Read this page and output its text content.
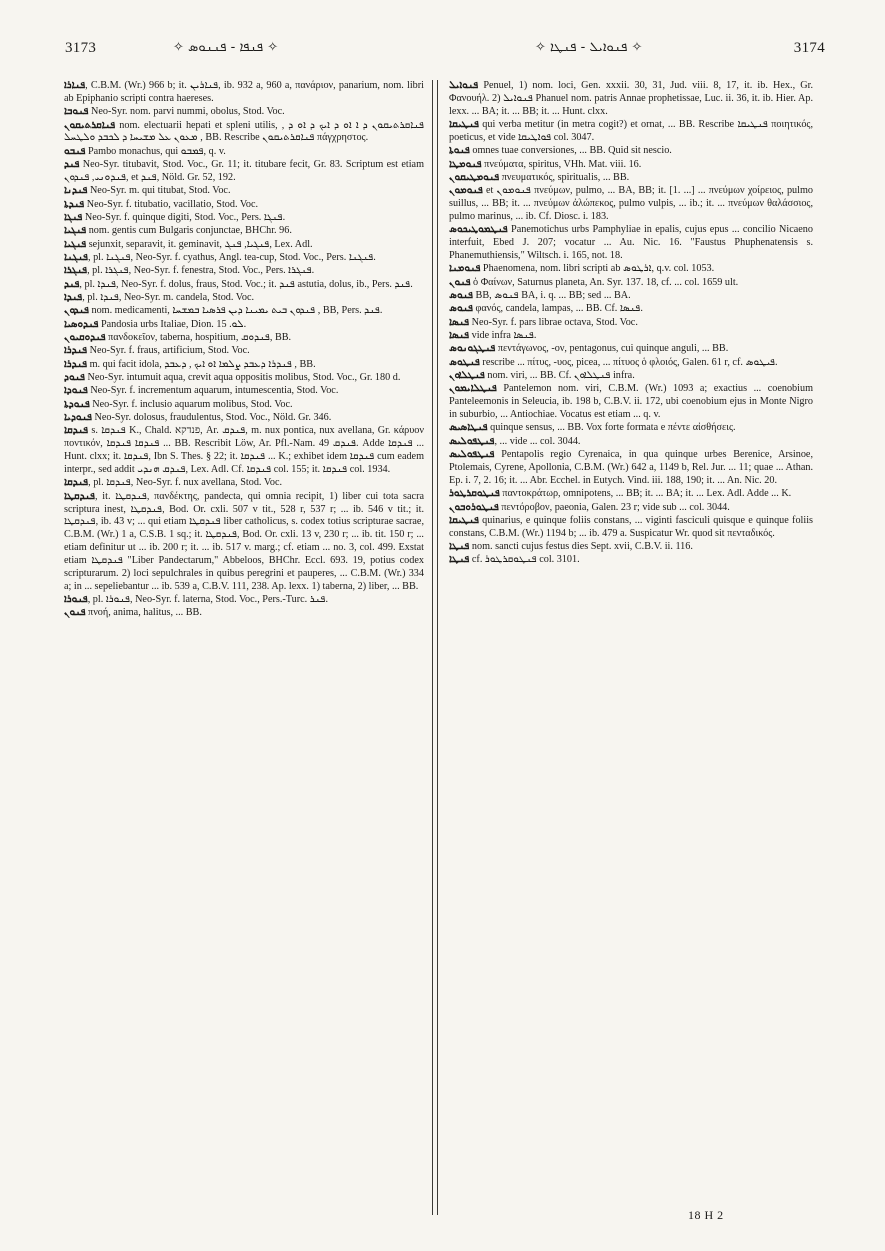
3173	✧ ܦܢܦܐ - ܦܢܢܘܣ ✧	✧ ܦܢܘܐܝܠ - ܦܢܛܐ ✧	3174

ܦܢܐܪܐ, C.B.M. (Wr.) 966 b; it. ܦܢܐܪܝܢ, ib. 932 a, 960 a, πανάριον, panarium, nom. libri ab Epiphanio scripti contra haereses.

ܦܢܘܒܐ Neo-Syr. nom. parvi nummi, obolus, Stod. Voc.

ܦܢܐܩܪܬܝܩܘܢ nom. electuarii hepati et spleni utilis, ܦܢܐܩܪܬܝܩܘܢ ܕ ܐ ܐܘ ܕ ܐܝܟ ܕ ܐܘ ܕ , ܡܥܘܢ ܥܠ ܡܫܝܚܐ ܕ ܠܟܒܕ ܘܠܛܚܠ , BB. Rescribe ܦܢܐܩܪܬܝܩܘܢ πάγχρηστος.

ܦܢܒܘ Pambo monachus, qui ܦܡܒܘ, q. v.

ܦܢܕ Neo-Syr. titubavit, Stod. Voc., Gr. 11; it. titubare fecit, Gr. 83. Scriptum est etiam ܦܢܕܘܢܝ, ܦܢܕܘܢ, et ܦܢܕ, Nöld. Gr. 52, 192.

ܦܢܕܢܐ Neo-Syr. m. qui titubat, Stod. Voc.

ܦܢܕܬܐ Neo-Syr. f. titubatio, vacillatio, Stod. Voc.

ܦܢܓܐ Neo-Syr. f. quinque digiti, Stod. Voc., Pers. ܦܢܓܐ.

ܦܢܓܝܐ nom. gentis cum Bulgaris conjunctae, BHChr. 96.

ܦܢܓܝܐ sejunxit, separavit, it. geminavit, ܦܢܓܝܐ, ܦܢܓ, Lex. Adl.

ܦܢܓܢܐ, pl. ܦܢܓܢܐ, Neo-Syr. f. cyathus, Angl. tea-cup, Stod. Voc., Pers. ܦܢܓܢܐ.

ܦܢܓܪܐ, pl. ܦܢܓܪܐ, Neo-Syr. f. fenestra, Stod. Voc., Pers. ܦܢܓܪܐ.

ܦܢܕ, pl. ܦܢܕܐ, Neo-Syr. f. dolus, fraus, Stod. Voc.; it. ܦܢܕ astutia, dolus, ib., Pers. ܦܢܕ.

ܦܢܕܐ, pl. ܦܢܕܐ, Neo-Syr. m. candela, Stod. Voc.

ܦܢܕܘܢ nom. medicamenti, ܦܢܕܘܢ ܒܝܬ ܝܡܝܢܐ ܕܝܢ ܦܪܣܝܐ ܒܡܫܚܐ , BB, Pers. ܦܢܕ.

ܦܢܕܘܣܝܐ Pandosia urbs Italiae, Dion. ܠܘ. 15.

ܦܢܕܘܩܝܘܢ πανδοκεῖον, taberna, hospitium, ܦܢܕܘܩ, BB.

ܦܢܕܪܐ Neo-Syr. f. fraus, artificium, Stod. Voc.

ܦܢܕܪܐ m. qui facit idola, ܦܢܕܪܐ ܕܥܒܕ ܨܠܡܐ ܐܘ ܐܝܟ , ܕܥܒܕ , BB.

ܦܢܘܕ Neo-Syr. intumuit aqua, crevit aqua oppositis molibus, Stod. Voc., Gr. 180 d.

ܦܢܘܕܐ Neo-Syr. f. incrementum aquarum, intumescentia, Stod. Voc.

ܦܢܘܕܬܐ Neo-Syr. f. inclusio aquarum molibus, Stod. Voc.

ܦܢܘܕܝܐ Neo-Syr. dolosus, fraudulentus, Stod. Voc., Nöld. Gr. 346.

ܦܢܕܩܐ s. ܦܢܕܩܐ K., Chald. פנדקא, Ar. ܦܢܕܩ, m. nux pontica, nux avellana, Gr. κάρυον ποντικόν, ܦܢܕܩܐ ܦܢܕܩܐ ... BB. Rescribit Löw, Ar. Pfl.-Nam. 49 ܦܢܕܩ. Adde ܦܢܕܩܐ ... Hunt. clxx; it. ܦܢܕܩܐ, Ibn S. Thes. § 22; it. ܦܢܕܩܐ ... K.; exhibet idem ܦܢܕܩܐ cum eadem interpr., sed addit ܦܢܕܩ ܗܢܕܝ, Lex. Adl. Cf. ܦܢܕܩܐ col. 155; it. ܦܢܕܩܐ col. 1934.

ܦܢܕܩܐ, pl. ܦܢܕܩܐ, Neo-Syr. f. nux avellana, Stod. Voc.

ܦܢܕܩܛܐ, it. ܦܢܕܩܛܐ, πανδέκτης, pandecta, qui omnia recipit, 1) liber cui tota sacra scriptura inest, ܦܢܕܩܛܐ, Bod. Or. cxli. 507 v tit., 528 r, 537 r; ... ib. 546 v tit.; it. ܦܢܕܩܛܐ, ib. 43 v; ... qui etiam ܦܢܕܩܛܐ liber catholicus, s. codex totius scripturae sacrae, C.B.M. (Wr.) 1 a, C.S.B. 1 sq.; it. ܦܢܕܩܛܐ, Bod. Or. cxli. 13 v, 230 r; ... ib. tit. 150 r; ... etiam definitur ut ... ib. 200 r; it. ... ib. 517 v. marg.; cf. etiam ... no. 3, col. 499. Exstat etiam ܦܢܕܩܛܐ "Liber Pandectarum," Abbeloos, BHChr. Eccl. 693. 19, potius codex scripturarum. 2) loci sepulchrales in quibus peregrini et pauperes, ... C.B.M. (Wr.) 334 a; in ... sepeliebantur ... ib. 539 a, C.B.V. 111, 238. Ap. lexx. 1) taberna, 2) liber, ... BB.

ܦܢܘܪܐ, pl. ܦܢܘܪܐ, Neo-Syr. f. laterna, Stod. Voc., Pers.-Turc. ܦܢܪ.

ܦܢܘܢ πνοή, anima, halitus, ... BB.

ܦܢܘܐܝܠ Penuel, 1) nom. loci, Gen. xxxii. 30, 31, Jud. viii. 8, 17, it. ib. Hex., Gr. Φανουήλ. 2) ܦܢܘܐܝܠ Phanuel nom. patris Annae prophetissae, Luc. ii. 36, it. ib. Hier. Ap. lexx. ... BA; it. ... BB; it. ... Hunt. clxx.

ܦܢܛܝܩܐ qui verba metitur (in metra cogit?) et ornat, ... BB. Rescribe ܦܢܛܝܩܐ ποιητικός, poeticus, et vide ܦܘܐܛܝܩܐ col. 3047.

ܦܢܘܬܐ omnes tuae conversiones, ... BB. Quid sit nescio.

ܦܢܘܡܛܐ πνεύματα, spiritus, VHh. Mat. viii. 16.

ܦܢܘܡܛܝܩܘܢ πνευματικός, spiritualis, ... BB.

ܦܢܘܡܘܢ et ܦܢܘܡܘܢ πνεύμων, pulmo, ... BA, BB; it. [1. ...] ... πνεύμων χοίρειος, pulmo suillus, ... BB; it. ... πνεύμων ἀλώπεκος, pulmo vulpis, ... ib.; it. ... πνεύμων θαλάσσιος, pulmo marinus, ... ib. Cf. Diosc. i. 183.

ܦܢܛܡܘܛܝܟܘܣ Panemotichus urbs Pamphyliae in epalis, cujus epus ... concilio Nicaeno interfuit, Ebed J. 207; vocatur ... Au. Nic. 16. "Faustus Phuphenatensis s. Phanemuthiensis," Wiltsch. i. 165, not. 18.

ܦܢܘܡܢܐ Phaenomena, nom. libri scripti ab ܐܪܛܘܣ, q.v. col. 1053.

ܦܢܘܢ ὁ Φαίνων, Saturnus planeta, An. Syr. 137. 18, cf. ... col. 1659 ult.

ܦܢܘܣ BB, ܦܢܘܣ BA, i. q. ... BB; sed ... BA.

ܦܢܘܣ φανός, candela, lampas, ... BB. Cf. ܦܢܣܐ.

ܦܢܣܐ Neo-Syr. f. pars librae octava, Stod. Voc.

ܦܢܣܐ vide infra ܦܢܣܐ.

ܦܢܛܓܘܢܘܣ πεντάγωνος, -ον, pentagonus, cui quinque anguli, ... BB.

ܦܢܛܘܣ rescribe ... πίτυς, -υος, picea, ... πίτυος ὁ φλοιός, Galen. 61 r, cf. ܦܝܛܘܣ.

ܦܢܛܠܐܘܢ nom. viri, ... BB. Cf. ܦܢܛܠܐܘܢ infra.

ܦܢܛܠܐܝܡܘܢ Pantelemon nom. viri, C.B.M. (Wr.) 1093 a; exactius ... coenobium Panteleemonis in Seleucia, ib. 198 b, C.B.V. ii. 172, ubi coenobium ejus in Monte Nigro in suburbio, ... Antiochiae. Vocatus est etiam ... q. v.

ܦܢܛܐܣܝܣ quinque sensus, ... BB. Vox forte formata e πέντε αἰσθήσεις.

ܦܢܛܦܘܠܝܣ, ... vide ... col. 3044.

ܦܢܛܦܘܠܝܣ Pentapolis regio Cyrenaica, in qua quinque urbes Berenice, Arsinoe, Ptolemais, Cyrene, Apollonia, C.B.M. (Wr.) 642 a, 1149 b, Rel. Jur. ... 11; quae ... Athan. Ep. i. 7, 2. 16; it. ... Abr. Ecchel. in Eutych. Vind. iii. 188, 190; it. ... An. Nic. 20.

ܦܢܛܘܩܪܛܘܪ παντοκράτωρ, omnipotens, ... BB; it. ... BA; it. ... Lex. Adl. Adde ... K.

ܦܢܛܘܪܘܒܘܢ πεντόροβον, paeonia, Galen. 23 r; vide sub ... col. 3044.

ܦܢܛܝܩܐ quinarius, e quinque foliis constans, ... viginti fasciculi quisque e quinque foliis constans, C.B.M. (Wr.) 1194 b; ... ib. 479 a. Suspicatur Wr. quod sit πενταδικός.

ܦܢܛܐ nom. sancti cujus festus dies Sept. xvii, C.B.V. ii. 116.

ܦܢܛܐ cf. ܦܢܛܘܩܪܛܘܪ col. 3101.

18 H 2
